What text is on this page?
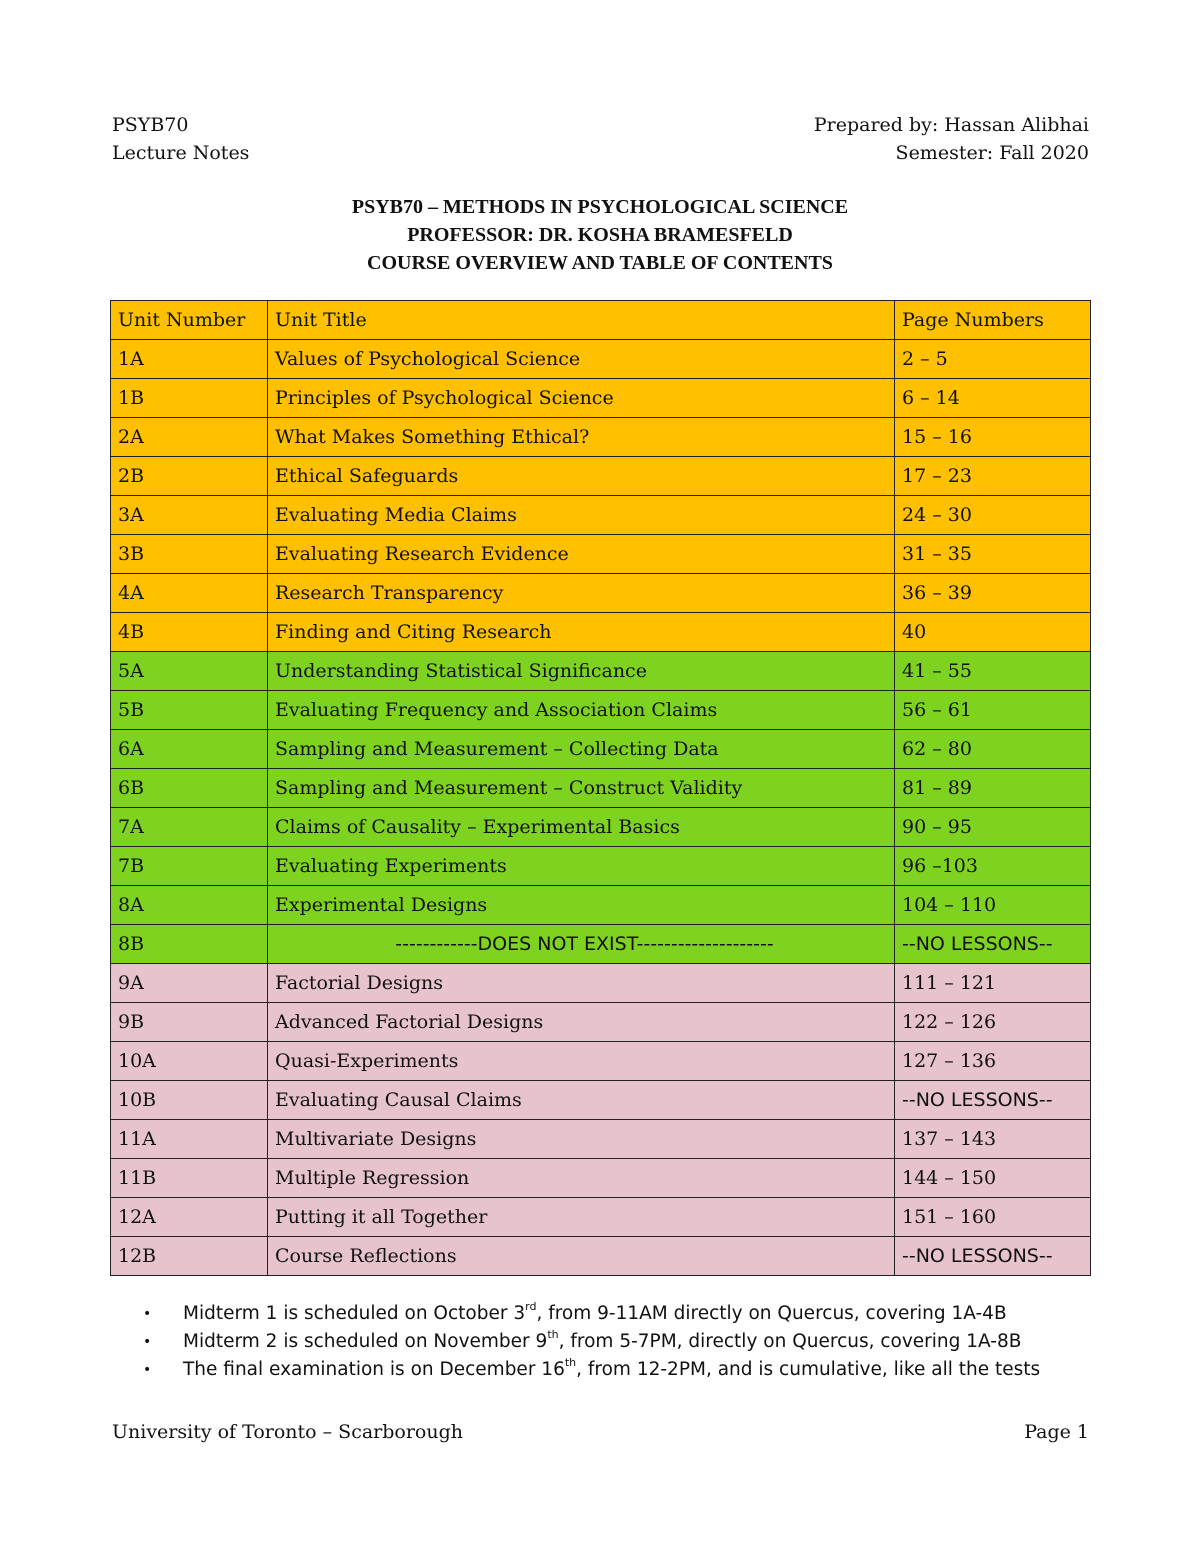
PSYB70
Lecture Notes
Prepared by: Hassan Alibhai
Semester: Fall 2020
PSYB70 – METHODS IN PSYCHOLOGICAL SCIENCE
PROFESSOR: DR. KOSHA BRAMESFELD
COURSE OVERVIEW AND TABLE OF CONTENTS
Unit Number	Unit Title	Page Numbers
1A	Values of Psychological Science	2 – 5
1B	Principles of Psychological Science	6 – 14
2A	What Makes Something Ethical?	15 – 16
2B	Ethical Safeguards	17 – 23
3A	Evaluating Media Claims	24 – 30
3B	Evaluating Research Evidence	31 – 35
4A	Research Transparency	36 – 39
4B	Finding and Citing Research	40
5A	Understanding Statistical Significance	41 – 55
5B	Evaluating Frequency and Association Claims	56 – 61
6A	Sampling and Measurement – Collecting Data	62 – 80
6B	Sampling and Measurement – Construct Validity	81 – 89
7A	Claims of Causality – Experimental Basics	90 – 95
7B	Evaluating Experiments	96 –103
8A	Experimental Designs	104 – 110
8B	------------DOES NOT EXIST--------------------	--NO LESSONS--
9A	Factorial Designs	111 – 121
9B	Advanced Factorial Designs	122 – 126
10A	Quasi-Experiments	127 – 136
10B	Evaluating Causal Claims	--NO LESSONS--
11A	Multivariate Designs	137 – 143
11B	Multiple Regression	144 – 150
12A	Putting it all Together	151 – 160
12B	Course Reflections	--NO LESSONS--
• Midterm 1 is scheduled on October 3rd, from 9-11AM directly on Quercus, covering 1A-4B
• Midterm 2 is scheduled on November 9th, from 5-7PM, directly on Quercus, covering 1A-8B
• The final examination is on December 16th, from 12-2PM, and is cumulative, like all the tests
University of Toronto – Scarborough	Page 1
